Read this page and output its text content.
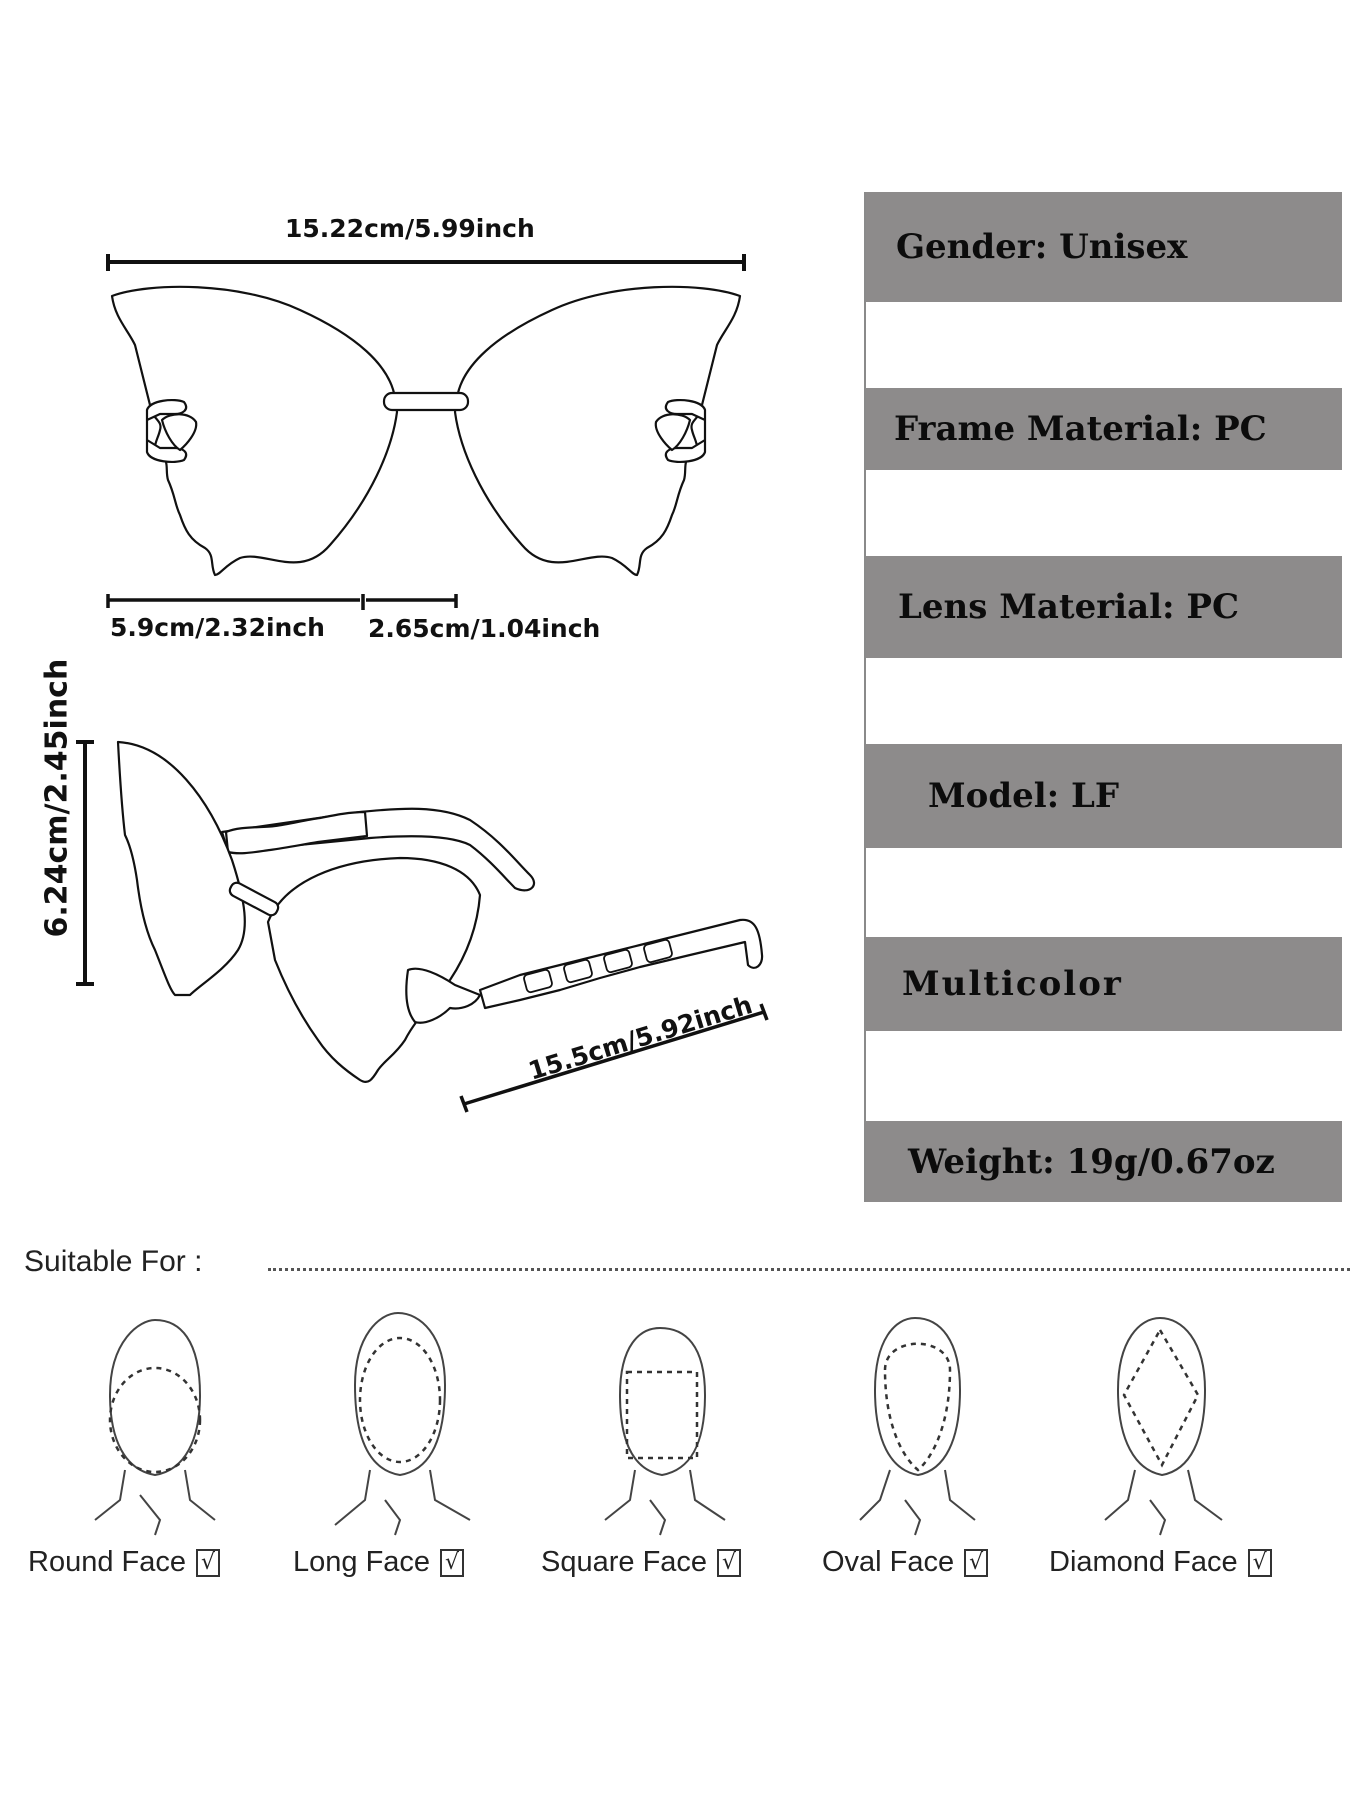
15.22cm/5.99inch
5.9cm/2.32inch 2.65cm/1.04inch
6.24cm/2.45inch
15.5cm/5.92inch
Gender: Unisex
Frame Material: PC
Lens Material: PC
Model: LF
Multicolor
Weight: 19g/0.67oz
Suitable For :
Round Face √	Long Face √	Square Face √	Oval Face √ Diamond Face √
